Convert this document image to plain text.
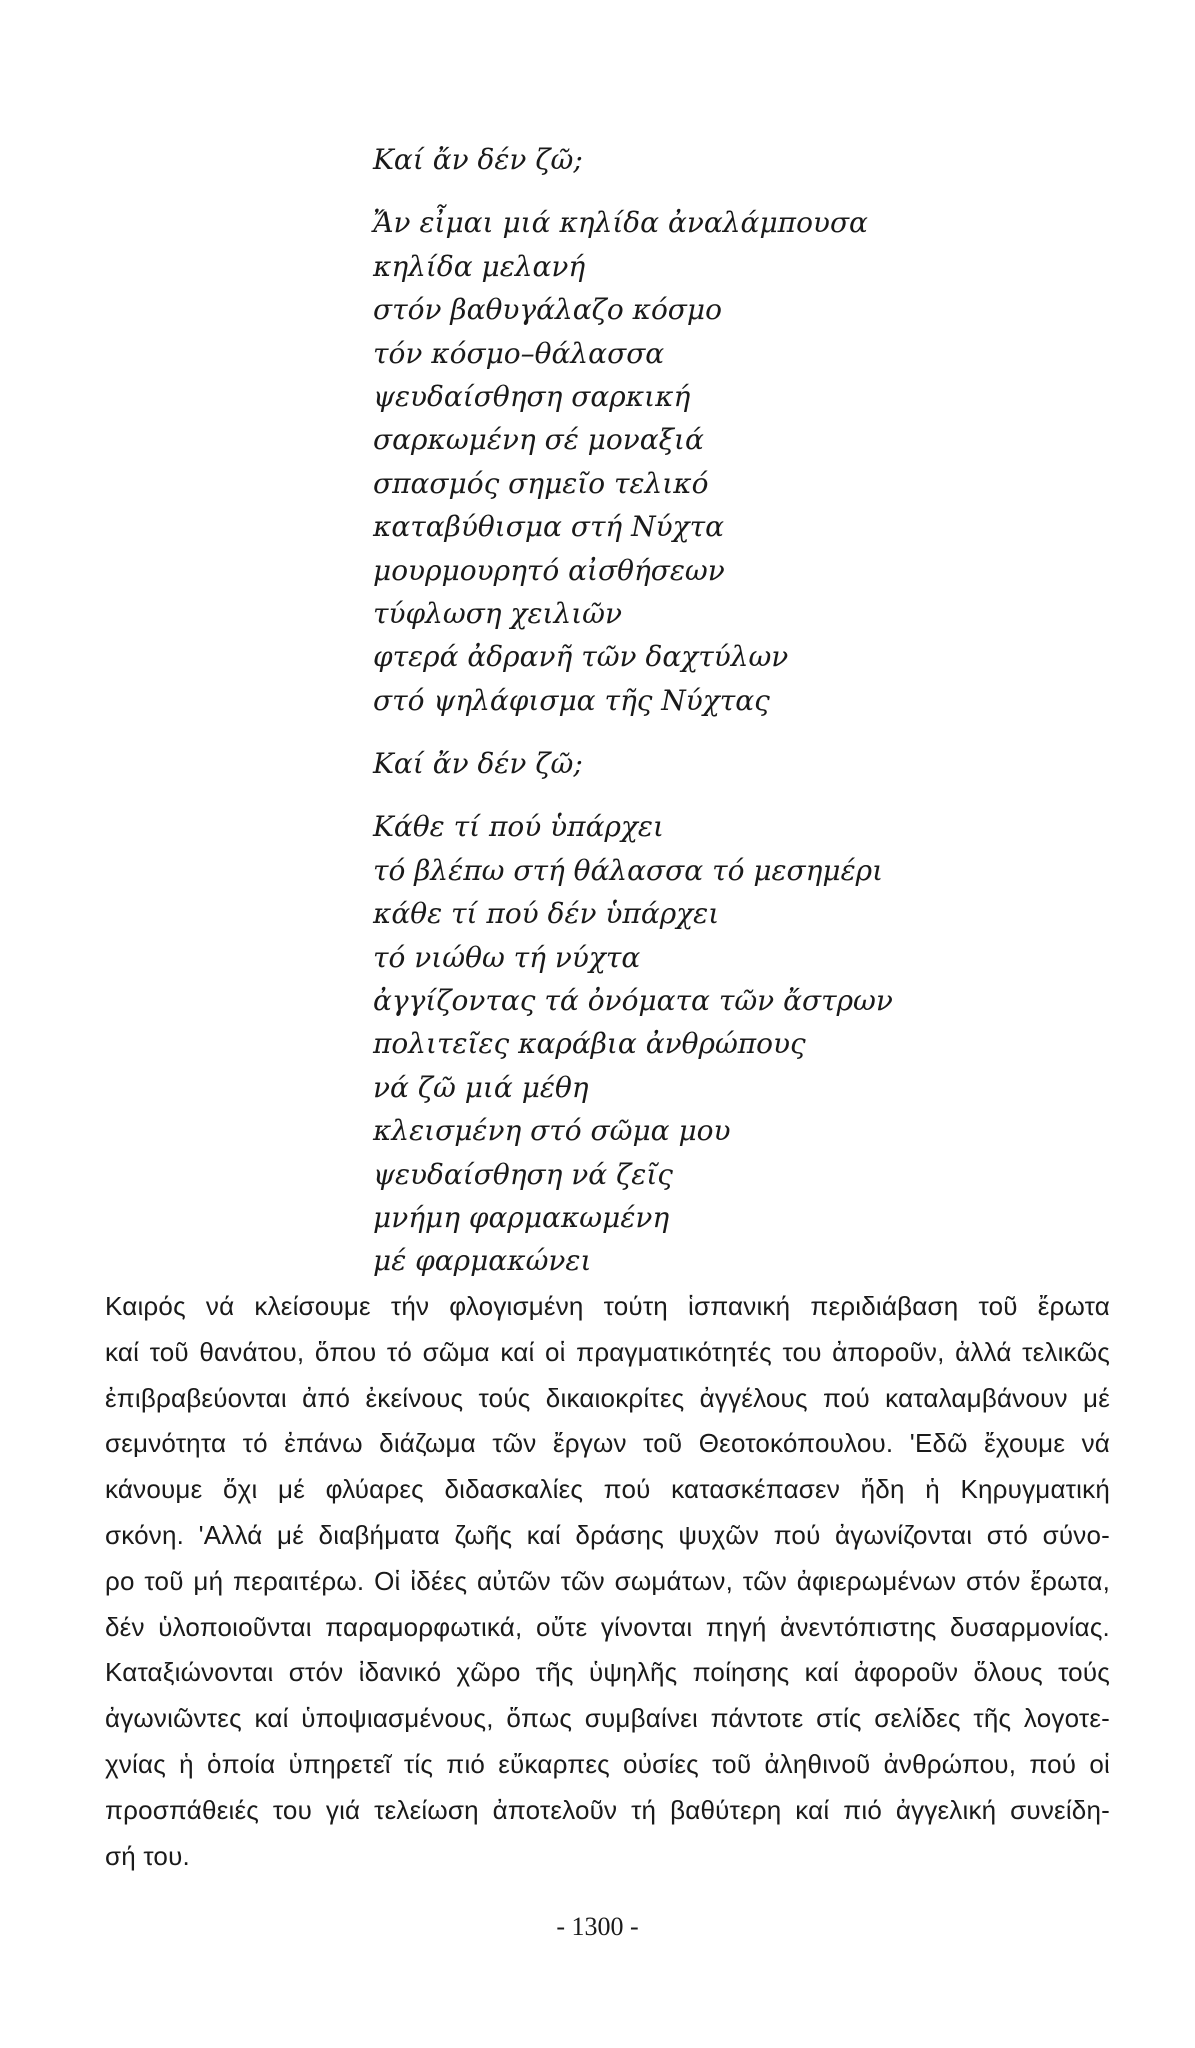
Καί ἄν δέν ζῶ;
Ἄν εἶμαι μιά κηλίδα ἀναλάμπουσα
κηλίδα μελανή
στόν βαθυγάλαζο κόσμο
τόν κόσμο–θάλασσα
ψευδαίσθηση σαρκική
σαρκωμένη σέ μοναξιά
σπασμός σημεῖο τελικό
καταβύθισμα στή Νύχτα
μουρμουρητό αἰσθήσεων
τύφλωση χειλιῶν
φτερά ἀδρανῆ τῶν δαχτύλων
στό ψηλάφισμα τῆς Νύχτας
Καί ἄν δέν ζῶ;
Κάθε τί πού ὑπάρχει
τό βλέπω στή θάλασσα τό μεσημέρι
κάθε τί πού δέν ὑπάρχει
τό νιώθω τή νύχτα
ἀγγίζοντας τά ὀνόματα τῶν ἄστρων
πολιτεῖες καράβια ἀνθρώπους
νά ζῶ μιά μέθη
κλεισμένη στό σῶμα μου
ψευδαίσθηση νά ζεῖς
μνήμη φαρμακωμένη
μέ φαρμακώνει
Καιρός νά κλείσουμε τήν φλογισμένη τούτη ἱσπανική περιδιάβαση τοῦ ἔρωτα
καί τοῦ θανάτου, ὅπου τό σῶμα καί οἱ πραγματικότητές του ἀποροῦν, ἀλλά τελικῶς
ἐπιβραβεύονται ἀπό ἐκείνους τούς δικαιοκρίτες ἀγγέλους πού καταλαμβάνουν μέ
σεμνότητα τό ἐπάνω διάζωμα τῶν ἔργων τοῦ Θεοτοκόπουλου. 'Εδῶ ἔχουμε νά
κάνουμε ὄχι μέ φλύαρες διδασκαλίες πού κατασκέπασεν ἤδη ἡ Κηρυγματική
σκόνη. 'Αλλά μέ διαβήματα ζωῆς καί δράσης ψυχῶν πού ἀγωνίζονται στό σύνο-
ρο τοῦ μή περαιτέρω. Οἱ ἰδέες αὐτῶν τῶν σωμάτων, τῶν ἀφιερωμένων στόν ἔρωτα,
δέν ὑλοποιοῦνται παραμορφωτικά, οὔτε γίνονται πηγή ἀνεντόπιστης δυσαρμονίας.
Καταξιώνονται στόν ἰδανικό χῶρο τῆς ὑψηλῆς ποίησης καί ἀφοροῦν ὅλους τούς
ἀγωνιῶντες καί ὑποψιασμένους, ὅπως συμβαίνει πάντοτε στίς σελίδες τῆς λογοτε-
χνίας ἡ ὁποία ὑπηρετεῖ τίς πιό εὔκαρπες οὐσίες τοῦ ἀληθινοῦ ἀνθρώπου, πού οἱ
προσπάθειές του γιά τελείωση ἀποτελοῦν τή βαθύτερη καί πιό ἀγγελική συνείδη-
σή του.
- 1300 -
